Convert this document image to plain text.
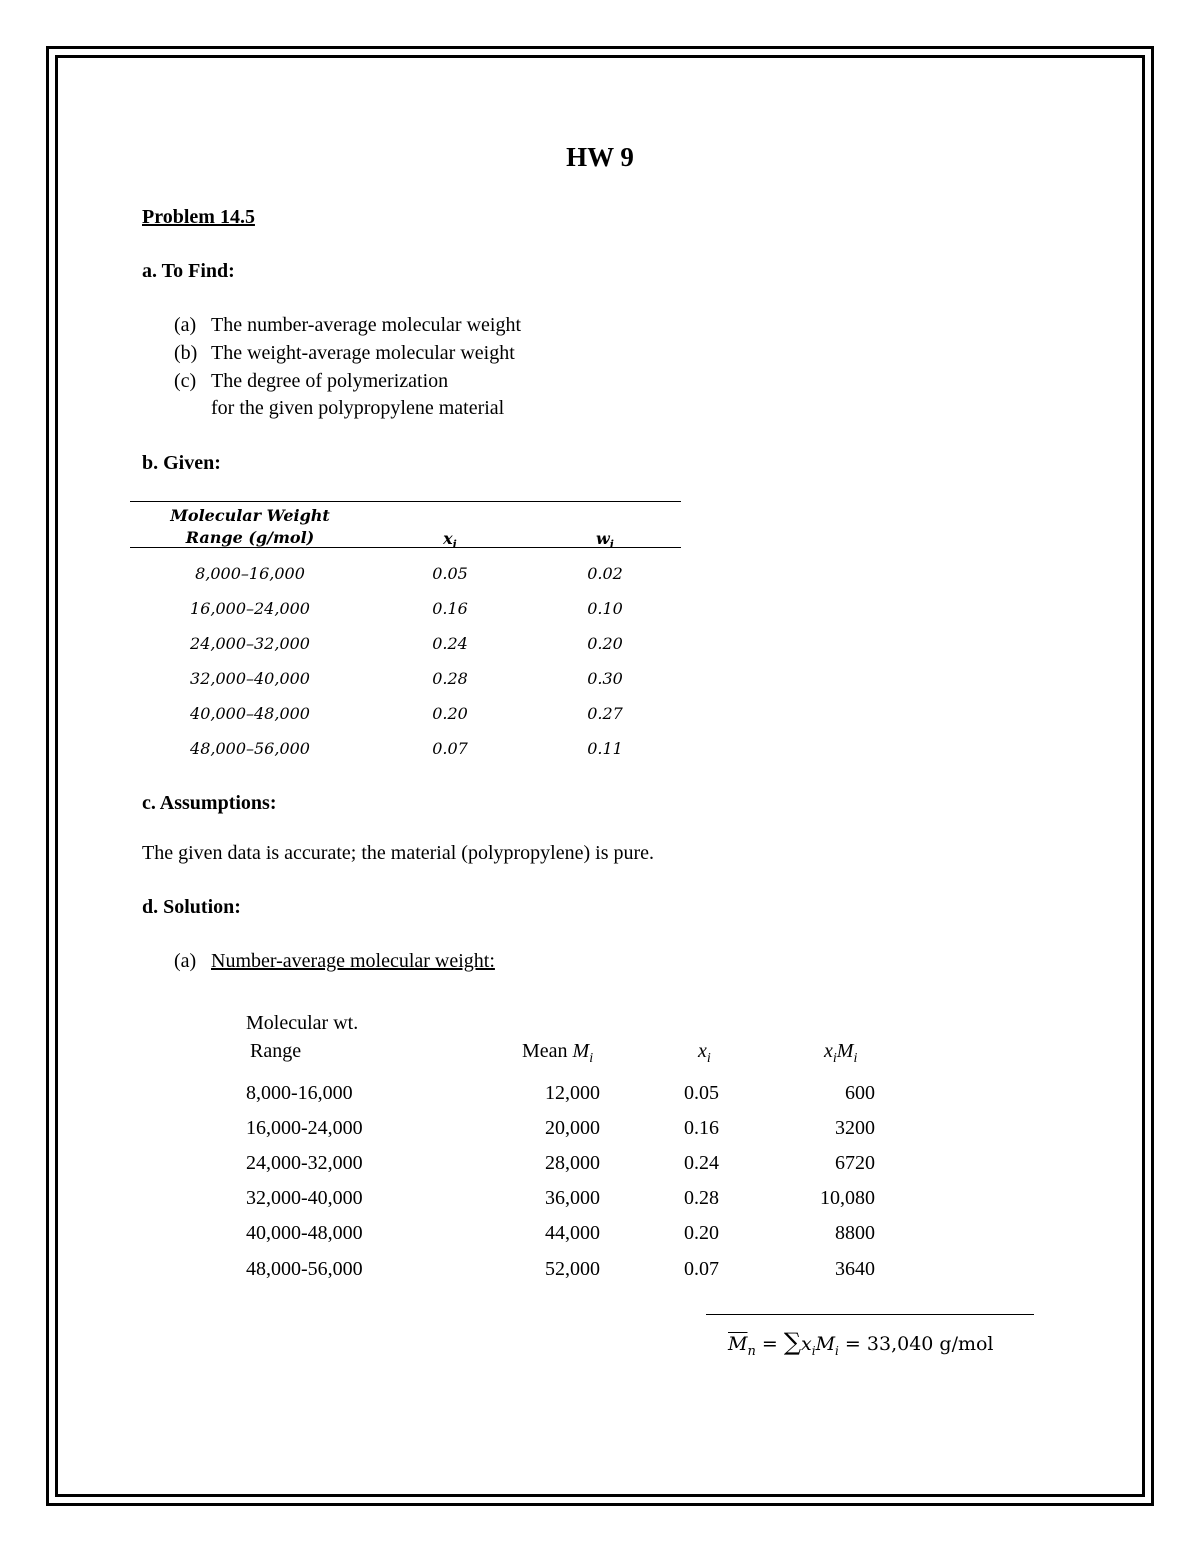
HW 9
Problem 14.5
a. To Find:
(a) The number-average molecular weight
(b) The weight-average molecular weight
(c) The degree of polymerization
for the given polypropylene material
b. Given:
Molecular Weight
Range (g/mol)	$x_i$	$w_i$
8,000–16,000	0.05	0.02
16,000–24,000	0.16	0.10
24,000–32,000	0.24	0.20
32,000–40,000	0.28	0.30
40,000–48,000	0.20	0.27
48,000–56,000	0.07	0.11
c. Assumptions:
The given data is accurate; the material (polypropylene) is pure.
d. Solution:
(a) Number-average molecular weight:
Molecular wt.
Range	Mean $M_i$	$x_i$	$x_iM_i$
8,000-16,000	12,000	0.05	600
16,000-24,000	20,000	0.16	3200
24,000-32,000	28,000	0.24	6720
32,000-40,000	36,000	0.28	10,080
40,000-48,000	44,000	0.20	8800
48,000-56,000	52,000	0.07	3640
$\overline{M}_n = \sum x_iM_i = 33,040$ g/mol
